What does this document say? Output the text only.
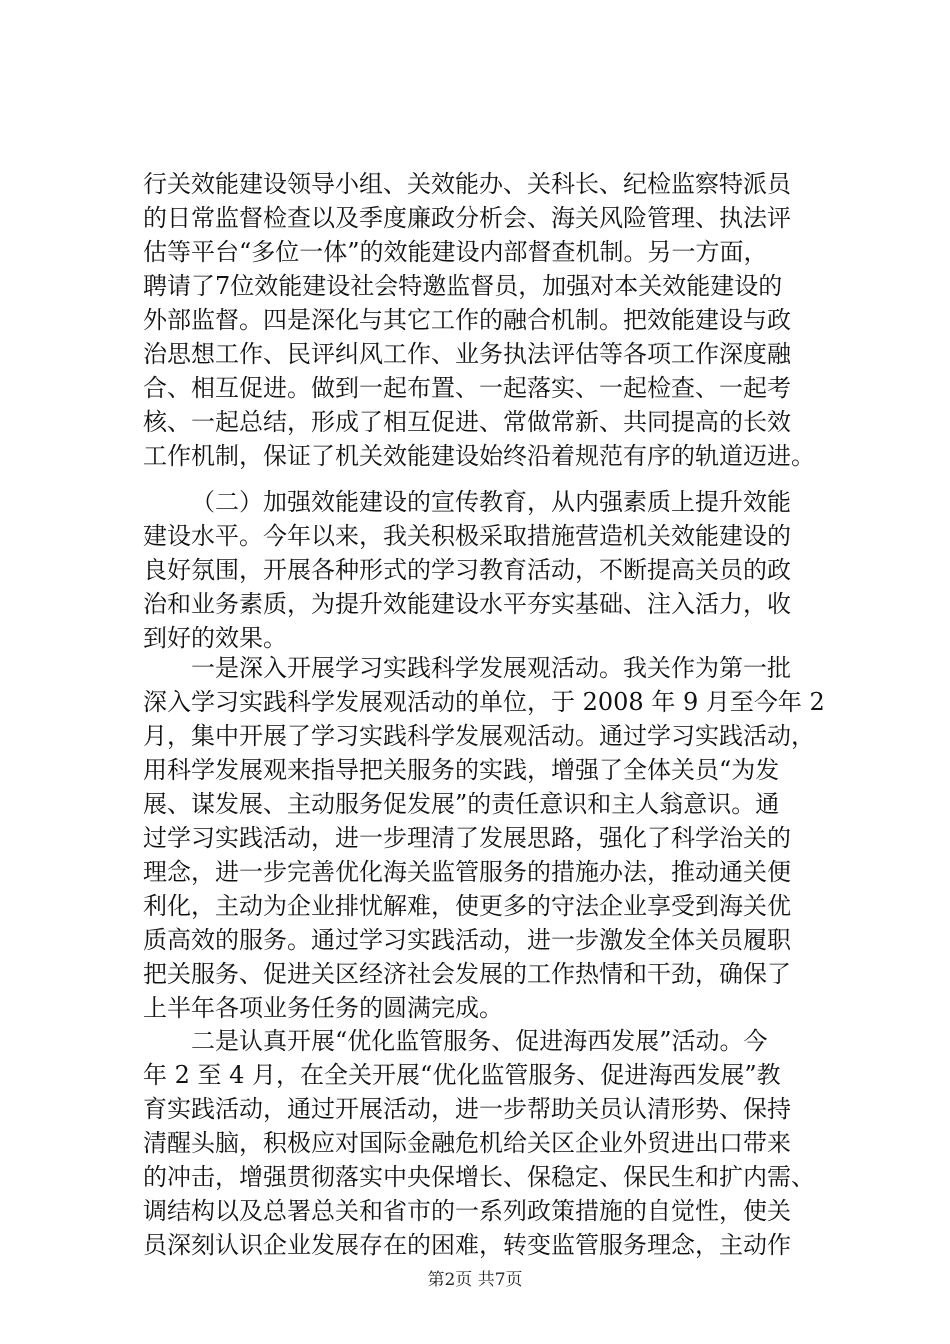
行关效能建设领导小组、关效能办、关科长、纪检监察特派员
的日常监督检查以及季度廉政分析会、海关风险管理、执法评
估等平台“多位一体”的效能建设内部督查机制。另一方面，
聘请了7位效能建设社会特邀监督员，加强对本关效能建设的
外部监督。四是深化与其它工作的融合机制。把效能建设与政
治思想工作、民评纠风工作、业务执法评估等各项工作深度融
合、相互促进。做到一起布置、一起落实、一起检查、一起考
核、一起总结，形成了相互促进、常做常新、共同提高的长效
工作机制，保证了机关效能建设始终沿着规范有序的轨道迈进。
（二）加强效能建设的宣传教育，从内强素质上提升效能
建设水平。今年以来，我关积极采取措施营造机关效能建设的
良好氛围，开展各种形式的学习教育活动，不断提高关员的政
治和业务素质，为提升效能建设水平夯实基础、注入活力，收
到好的效果。
一是深入开展学习实践科学发展观活动。我关作为第一批
深入学习实践科学发展观活动的单位，于 2008 年 9 月至今年 2
月，集中开展了学习实践科学发展观活动。通过学习实践活动，
用科学发展观来指导把关服务的实践，增强了全体关员“为发
展、谋发展、主动服务促发展”的责任意识和主人翁意识。通
过学习实践活动，进一步理清了发展思路，强化了科学治关的
理念，进一步完善优化海关监管服务的措施办法，推动通关便
利化，主动为企业排忧解难，使更多的守法企业享受到海关优
质高效的服务。通过学习实践活动，进一步激发全体关员履职
把关服务、促进关区经济社会发展的工作热情和干劲，确保了
上半年各项业务任务的圆满完成。
二是认真开展“优化监管服务、促进海西发展”活动。今
年 2 至 4 月，在全关开展“优化监管服务、促进海西发展”教
育实践活动，通过开展活动，进一步帮助关员认清形势、保持
清醒头脑，积极应对国际金融危机给关区企业外贸进出口带来
的冲击，增强贯彻落实中央保增长、保稳定、保民生和扩内需、
调结构以及总署总关和省市的一系列政策措施的自觉性，使关
员深刻认识企业发展存在的困难，转变监管服务理念，主动作
第2页 共7页
